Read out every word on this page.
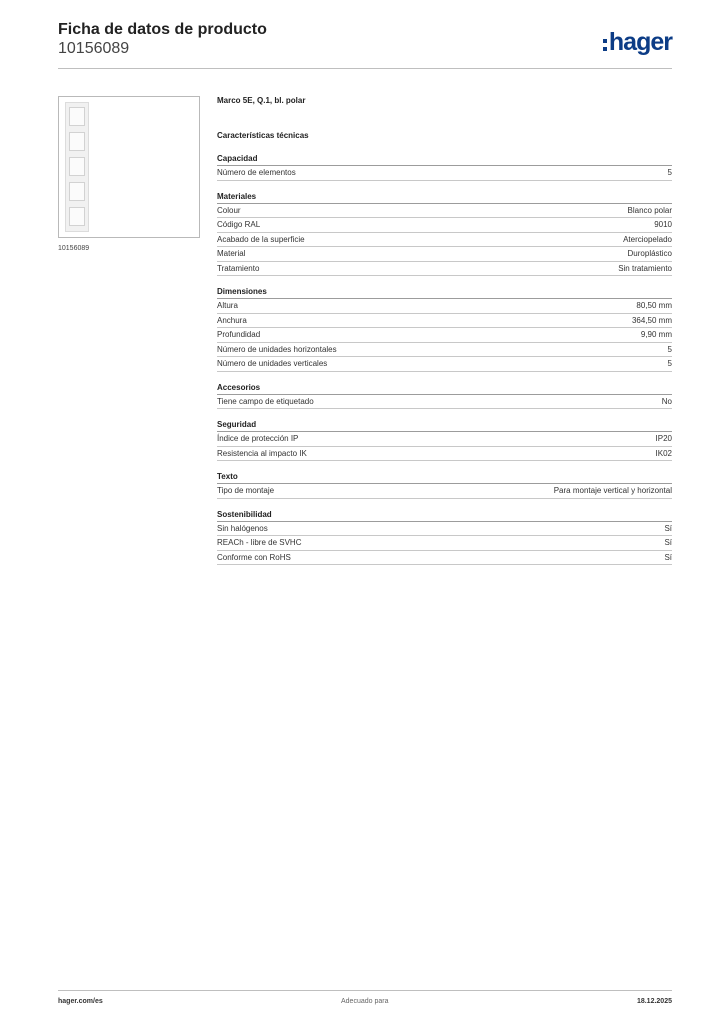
Ficha de datos de producto
10156089	hager
10156089
Marco 5E, Q.1, bl. polar
Características técnicas
Capacidad
Número de elementos	5
Materiales
Colour	Blanco polar
Código RAL	9010
Acabado de la superficie	Aterciopelado
Material	Duroplástico
Tratamiento	Sin tratamiento
Dimensiones
Altura	80,50 mm
Anchura	364,50 mm
Profundidad	9,90 mm
Número de unidades horizontales	5
Número de unidades verticales	5
Accesorios
Tiene campo de etiquetado	No
Seguridad
Índice de protección IP	IP20
Resistencia al impacto IK	IK02
Texto
Tipo de montaje	Para montaje vertical y horizontal
Sostenibilidad
Sin halógenos	Sí
REACh - libre de SVHC	Sí
Conforme con RoHS	Sí
hager.com/es	Adecuado para	18.12.2025
